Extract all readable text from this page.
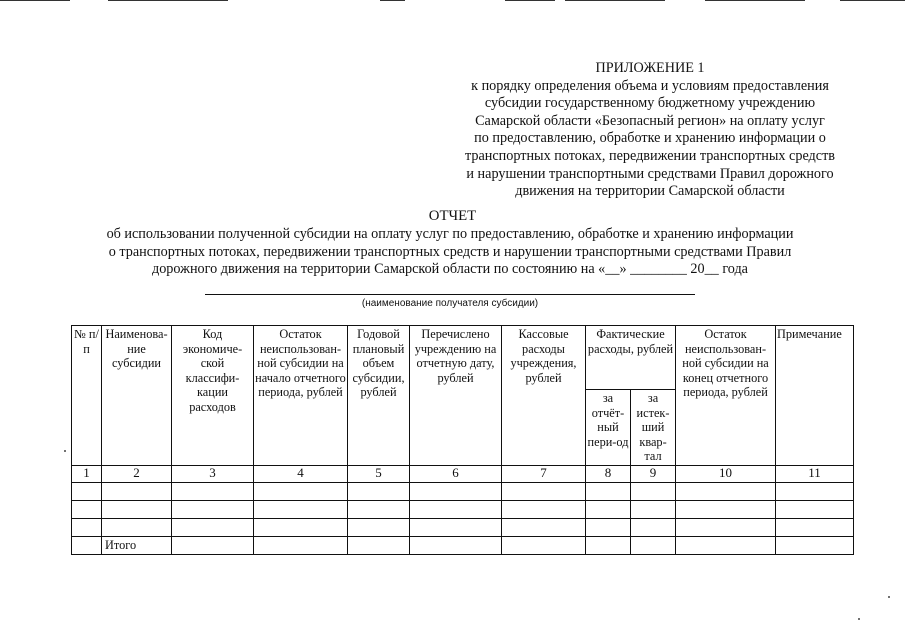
ПРИЛОЖЕНИЕ 1
к порядку определения объема и условиям предоставления
субсидии государственному бюджетному учреждению
Самарской области «Безопасный регион» на оплату услуг
по предоставлению, обработке и хранению информации о
транспортных потоках, передвижении транспортных средств
и нарушении транспортными средствами Правил дорожного
движения на территории Самарской области
ОТЧЕТ
об использовании полученной субсидии на оплату услуг по предоставлению, обработке и хранению информации
о транспортных потоках, передвижении транспортных средств и нарушении транспортными средствами Правил
дорожного движения на территории Самарской области по состоянию на «__» ________ 20__ года
(наименование получателя субсидии)
№ п/п	Наименова-ние субсидии	Код экономиче-ской классифи-кации расходов	Остаток неиспользован-ной субсидии на начало отчетного периода, рублей	Годовой плановый объем субсидии, рублей	Перечислено учреждению на отчетную дату, рублей	Кассовые расходы учреждения, рублей	Фактические расходы, рублей		Остаток неиспользован-ной субсидии на конец отчетного периода, рублей	Примечание
							за отчёт-ный пери-од	за истек-ший квар-тал		
1	2	3	4	5	6	7	8	9	10	11

	Итого									
